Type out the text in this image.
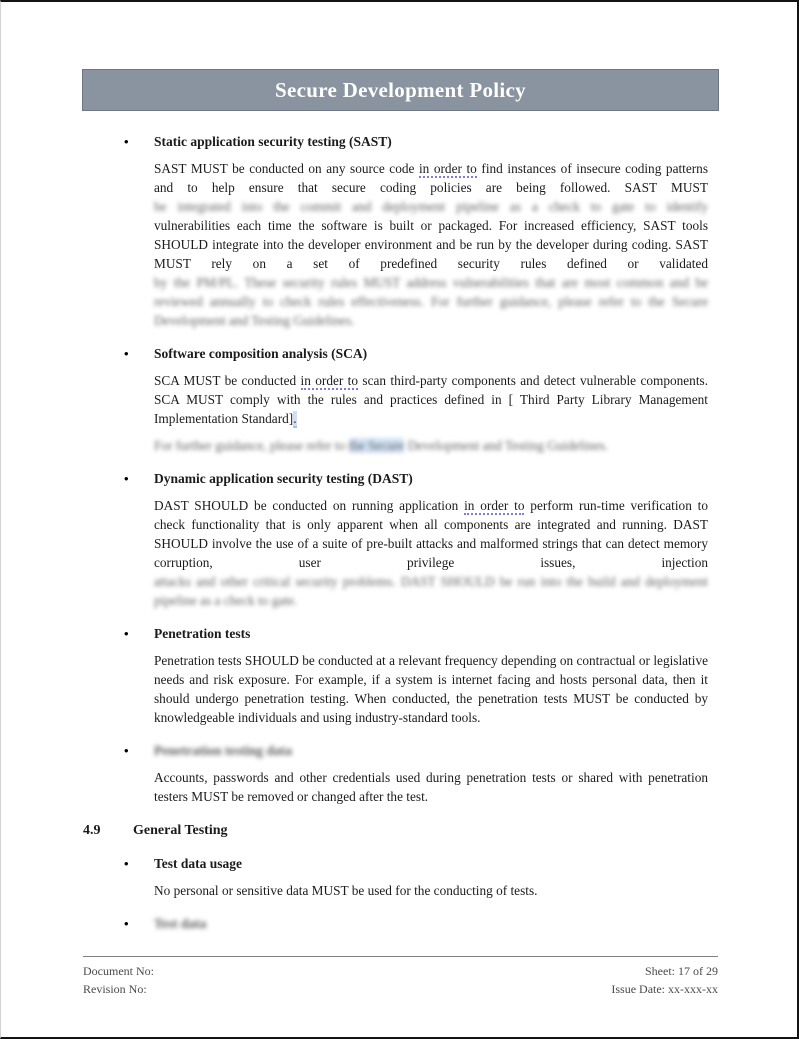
Secure Development Policy
• Static application security testing (SAST)
SAST MUST be conducted on any source code in order to find instances of insecure coding patterns and to help ensure that secure coding policies are being followed. SAST MUST
be integrated into the commit and deployment pipeline as a check to gate to identify
vulnerabilities each time the software is built or packaged. For increased efficiency, SAST tools SHOULD integrate into the developer environment and be run by the developer during coding. SAST MUST rely on a set of predefined security rules defined or validated
by the PM/PL. These security rules MUST address vulnerabilities that are most common and be reviewed annually to check rules effectiveness. For further guidance, please refer to the Secure Development and Testing Guidelines.
• Software composition analysis (SCA)
SCA MUST be conducted in order to scan third-party components and detect vulnerable components. SCA MUST comply with the rules and practices defined in [ Third Party Library Management Implementation Standard].
For further guidance, please refer to the Secure Development and Testing Guidelines.
• Dynamic application security testing (DAST)
DAST SHOULD be conducted on running application in order to perform run-time verification to check functionality that is only apparent when all components are integrated and running. DAST SHOULD involve the use of a suite of pre-built attacks and malformed strings that can detect memory corruption, user privilege issues, injection
attacks and other critical security problems. DAST SHOULD be run into the build and deployment pipeline as a check to gate.
• Penetration tests
Penetration tests SHOULD be conducted at a relevant frequency depending on contractual or legislative needs and risk exposure. For example, if a system is internet facing and hosts personal data, then it should undergo penetration testing. When conducted, the penetration tests MUST be conducted by knowledgeable individuals and using industry-standard tools.
• Penetration testing data
Accounts, passwords and other credentials used during penetration tests or shared with penetration testers MUST be removed or changed after the test.
4.9 General Testing
• Test data usage
No personal or sensitive data MUST be used for the conducting of tests.
• Test data
Document No:
Revision No:
Sheet: 17 of 29
Issue Date: xx-xxx-xx
